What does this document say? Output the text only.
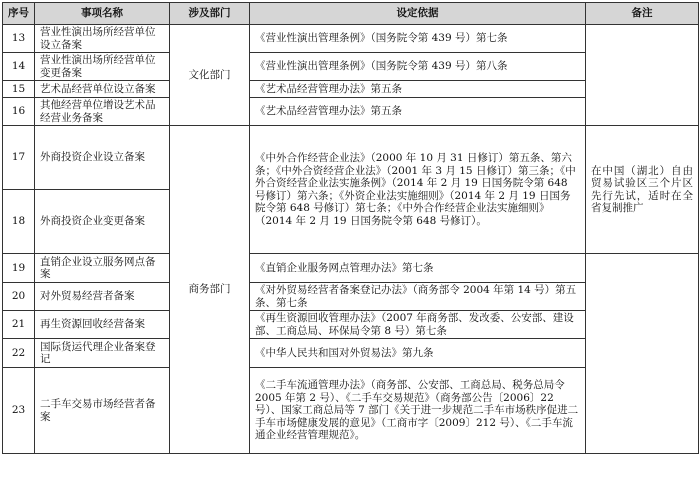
序号	事项名称	涉及部门	设定依据	备注
13	营业性演出场所经营单位设立备案	文化部门	《营业性演出管理条例》（国务院令第 439 号）第七条	
14	营业性演出场所经营单位变更备案		《营业性演出管理条例》（国务院令第 439 号）第八条	
15	艺术品经营单位设立备案		《艺术品经营管理办法》第五条	
16	其他经营单位增设艺术品经营业务备案		《艺术品经营管理办法》第五条	
17	外商投资企业设立备案	商务部门	《中外合作经营企业法》（2000 年 10 月 31 日修订）第五条、第六条；《中外合资经营企业法》（2001 年 3 月 15 日修订）第三条；《中外合资经营企业法实施条例》（2014 年 2 月 19 日国务院令第 648 号修订）第六条；《外资企业法实施细则》（2014 年 2 月 19 日国务院令第 648 号修订）第七条；《中外合作经营企业法实施细则》（2014 年 2 月 19 日国务院令第 648 号修订）。	在中国（湖北）自由贸易试验区三个片区先行先试，适时在全省复制推广
18	外商投资企业变更备案			
19	直销企业设立服务网点备案		《直销企业服务网点管理办法》第七条	
20	对外贸易经营者备案		《对外贸易经营者备案登记办法》（商务部令 2004 年第 14 号）第五条、第七条	
21	再生资源回收经营备案		《再生资源回收管理办法》（2007 年商务部、发改委、公安部、建设部、工商总局、环保局令第 8 号）第七条	
22	国际货运代理企业备案登记		《中华人民共和国对外贸易法》第九条	
23	二手车交易市场经营者备案		《二手车流通管理办法》（商务部、公安部、工商总局、税务总局令 2005 年第 2 号）、《二手车交易规范》（商务部公告〔2006〕22 号）、国家工商总局等 7 部门《关于进一步规范二手车市场秩序促进二手车市场健康发展的意见》（工商市字〔2009〕212 号）、《二手车流通企业经营管理规范》。	
